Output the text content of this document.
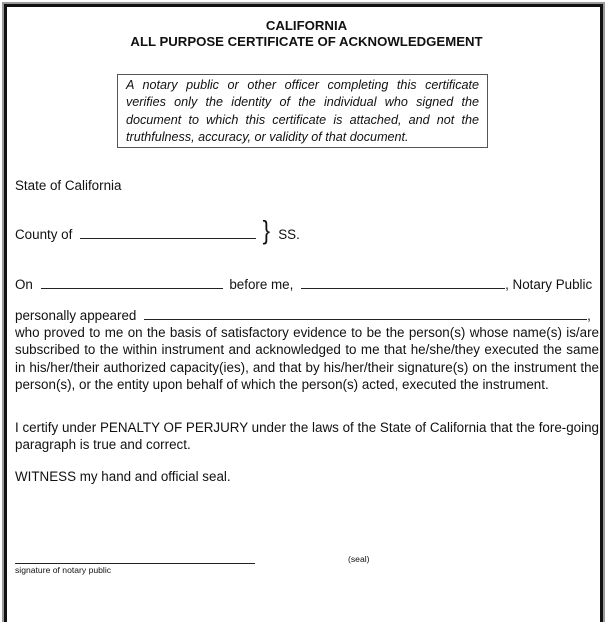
CALIFORNIA
ALL PURPOSE CERTIFICATE OF ACKNOWLEDGEMENT
A notary public or other officer completing this certificate verifies only the identity of the individual who signed the document to which this certificate is attached, and not the truthfulness, accuracy, or validity of that document.
State of California
County of	} SS.
On	before me,	, Notary Public
personally appeared	,
who proved to me on the basis of satisfactory evidence to be the person(s) whose name(s) is/are subscribed to the within instrument and acknowledged to me that he/she/they executed the same in his/her/their authorized capacity(ies), and that by his/her/their signature(s) on the instrument the person(s), or the entity upon behalf of which the person(s) acted, executed the instrument.
I certify under PENALTY OF PERJURY under the laws of the State of California that the fore-going paragraph is true and correct.
WITNESS my hand and official seal.
signature of notary public
(seal)
